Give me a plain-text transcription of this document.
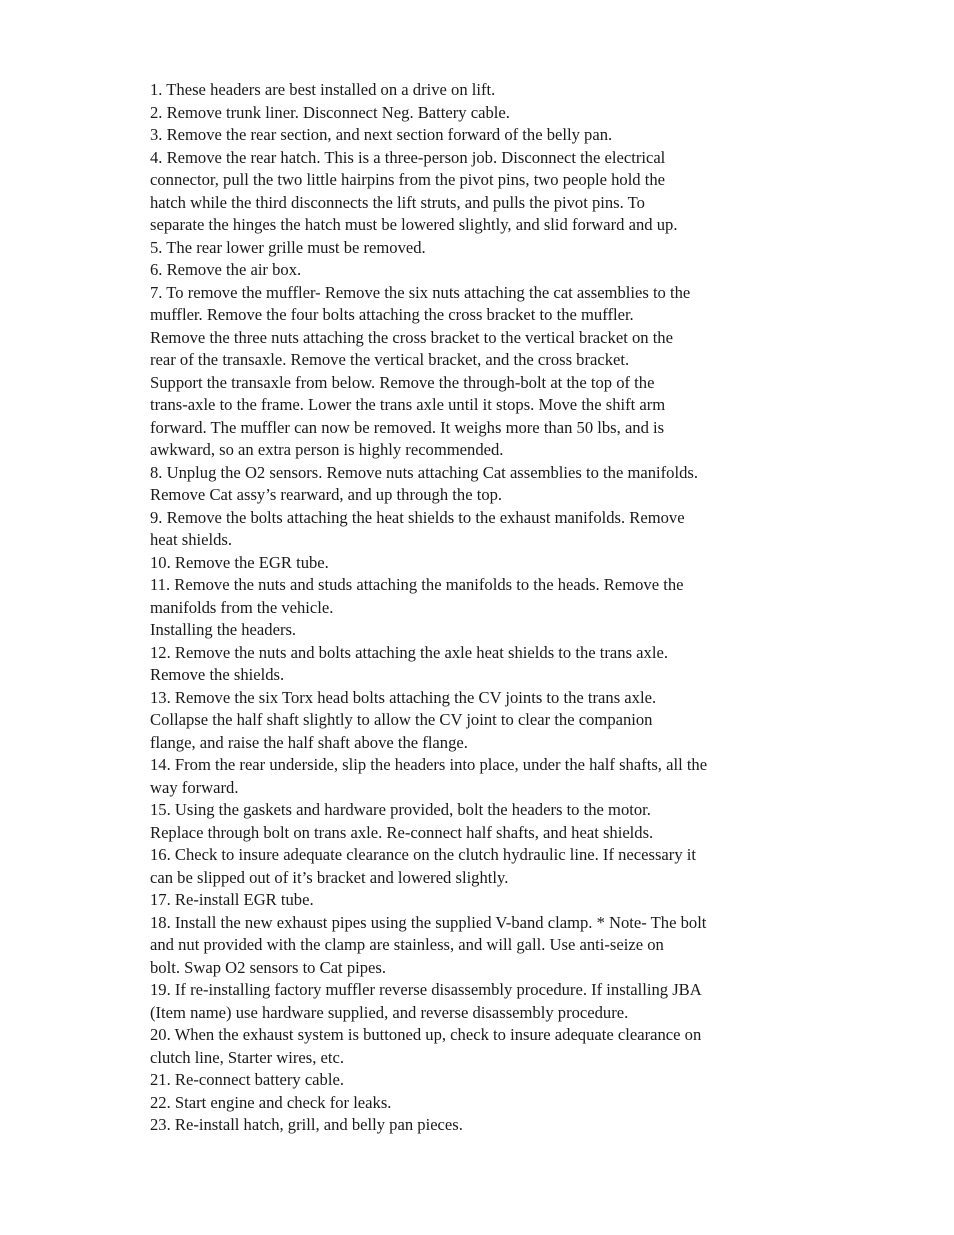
1. These headers are best installed on a drive on lift.
2. Remove trunk liner. Disconnect Neg. Battery cable.
3. Remove the rear section, and next section forward of the belly pan.
4. Remove the rear hatch. This is a three-person job. Disconnect the electrical
connector, pull the two little hairpins from the pivot pins, two people hold the
hatch while the third disconnects the lift struts, and pulls the pivot pins. To
separate the hinges the hatch must be lowered slightly, and slid forward and up.
5. The rear lower grille must be removed.
6. Remove the air box.
7. To remove the muffler- Remove the six nuts attaching the cat assemblies to the
muffler. Remove the four bolts attaching the cross bracket to the muffler.
Remove the three nuts attaching the cross bracket to the vertical bracket on the
rear of the transaxle. Remove the vertical bracket, and the cross bracket.
Support the transaxle from below. Remove the through-bolt at the top of the
trans-axle to the frame. Lower the trans axle until it stops. Move the shift arm
forward. The muffler can now be removed. It weighs more than 50 lbs, and is
awkward, so an extra person is highly recommended.
8. Unplug the O2 sensors. Remove nuts attaching Cat assemblies to the manifolds.
Remove Cat assy’s rearward, and up through the top.
9. Remove the bolts attaching the heat shields to the exhaust manifolds. Remove
heat shields.
10. Remove the EGR tube.
11. Remove the nuts and studs attaching the manifolds to the heads. Remove the
manifolds from the vehicle.
Installing the headers.
12. Remove the nuts and bolts attaching the axle heat shields to the trans axle.
Remove the shields.
13. Remove the six Torx head bolts attaching the CV joints to the trans axle.
Collapse the half shaft slightly to allow the CV joint to clear the companion
flange, and raise the half shaft above the flange.
14. From the rear underside, slip the headers into place, under the half shafts, all the
way forward.
15. Using the gaskets and hardware provided, bolt the headers to the motor.
Replace through bolt on trans axle. Re-connect half shafts, and heat shields.
16. Check to insure adequate clearance on the clutch hydraulic line. If necessary it
can be slipped out of it’s bracket and lowered slightly.
17. Re-install EGR tube.
18. Install the new exhaust pipes using the supplied V-band clamp. * Note- The bolt
and nut provided with the clamp are stainless, and will gall. Use anti-seize on
bolt. Swap O2 sensors to Cat pipes.
19. If re-installing factory muffler reverse disassembly procedure. If installing JBA
(Item name) use hardware supplied, and reverse disassembly procedure.
20. When the exhaust system is buttoned up, check to insure adequate clearance on
clutch line, Starter wires, etc.
21. Re-connect battery cable.
22. Start engine and check for leaks.
23. Re-install hatch, grill, and belly pan pieces.
